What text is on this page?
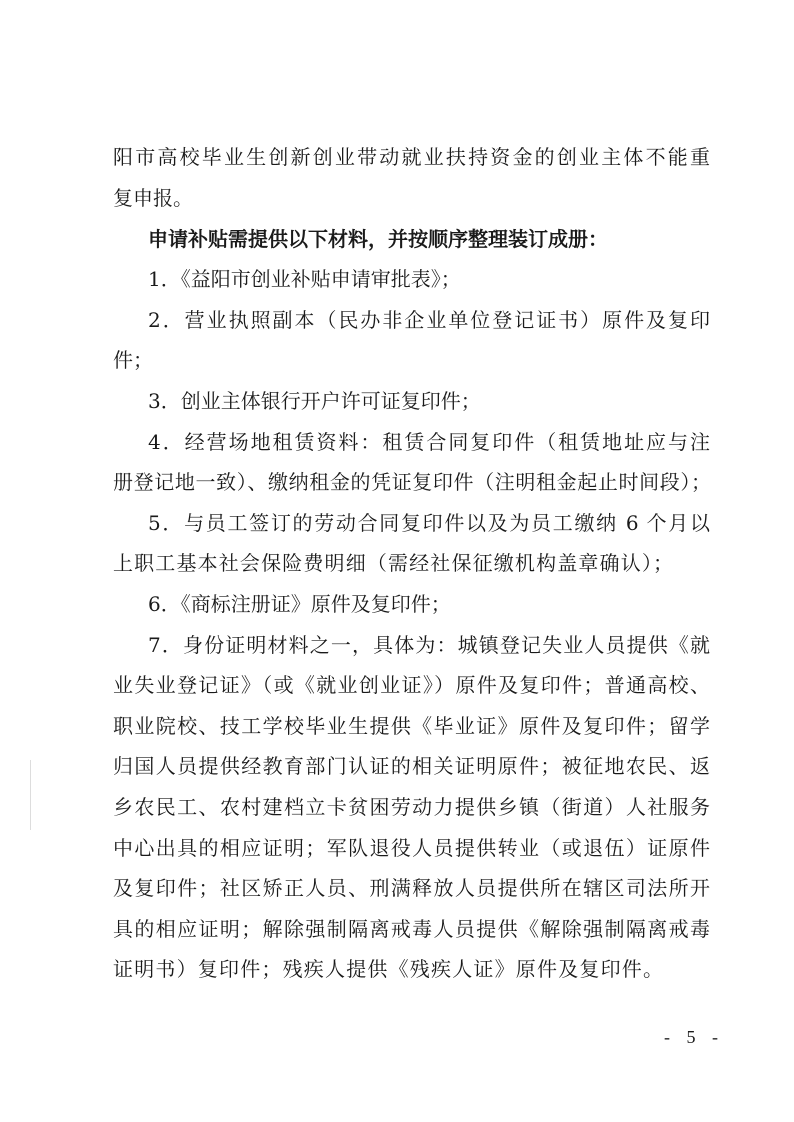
阳市高校毕业生创新创业带动就业扶持资金的创业主体不能重
复申报。
申请补贴需提供以下材料，并按顺序整理装订成册：
1．《益阳市创业补贴申请审批表》；
2．营业执照副本（民办非企业单位登记证书）原件及复印
件；
3．创业主体银行开户许可证复印件；
4．经营场地租赁资料：租赁合同复印件（租赁地址应与注
册登记地一致）、缴纳租金的凭证复印件（注明租金起止时间段）；
5．与员工签订的劳动合同复印件以及为员工缴纳 6 个月以
上职工基本社会保险费明细（需经社保征缴机构盖章确认）；
6．《商标注册证》原件及复印件；
7．身份证明材料之一，具体为：城镇登记失业人员提供《就
业失业登记证》（或《就业创业证》）原件及复印件；普通高校、
职业院校、技工学校毕业生提供《毕业证》原件及复印件；留学
归国人员提供经教育部门认证的相关证明原件；被征地农民、返
乡农民工、农村建档立卡贫困劳动力提供乡镇（街道）人社服务
中心出具的相应证明；军队退役人员提供转业（或退伍）证原件
及复印件；社区矫正人员、刑满释放人员提供所在辖区司法所开
具的相应证明；解除强制隔离戒毒人员提供《解除强制隔离戒毒
证明书）复印件；残疾人提供《残疾人证》原件及复印件。
- 5 -
